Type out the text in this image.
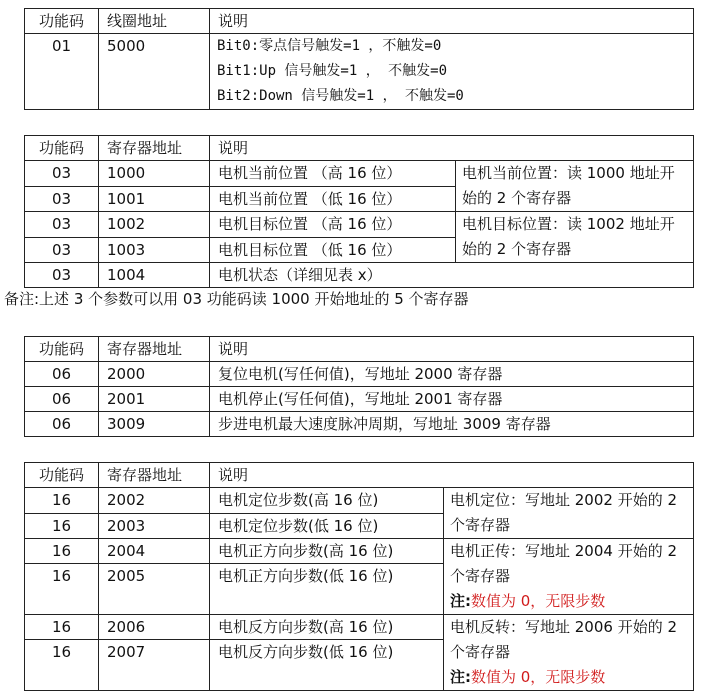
功能码	线圈地址	说明
01	5000	Bit0:零点信号触发=1 ，不触发=0
Bit1:Up 信号触发=1 ， 不触发=0
Bit2:Down 信号触发=1 ， 不触发=0
功能码	寄存器地址	说明	
03	1000	电机当前位置 （高 16 位）	电机当前位置：读 1000 地址开始的 2 个寄存器
03	1001	电机当前位置 （低 16 位）	
03	1002	电机目标位置 （高 16 位）	电机目标位置：读 1002 地址开始的 2 个寄存器
03	1003	电机目标位置 （低 16 位）	
03	1004	电机状态（详细见表 x）	
备注:上述 3 个参数可以用 03 功能码读 1000 开始地址的 5 个寄存器
功能码	寄存器地址	说明
06	2000	复位电机(写任何值)，写地址 2000 寄存器
06	2001	电机停止(写任何值)，写地址 2001 寄存器
06	3009	步进电机最大速度脉冲周期，写地址 3009 寄存器
功能码	寄存器地址	说明	
16	2002	电机定位步数(高 16 位)	电机定位：写地址 2002 开始的 2 个寄存器
16	2003	电机定位步数(低 16 位)	
16	2004	电机正方向步数(高 16 位)	电机正传：写地址 2004 开始的 2 个寄存器
注:数值为 0，无限步数
16	2005	电机正方向步数(低 16 位)	
16	2006	电机反方向步数(高 16 位)	电机反转：写地址 2006 开始的 2 个寄存器
注:数值为 0，无限步数
16	2007	电机反方向步数(低 16 位)	
